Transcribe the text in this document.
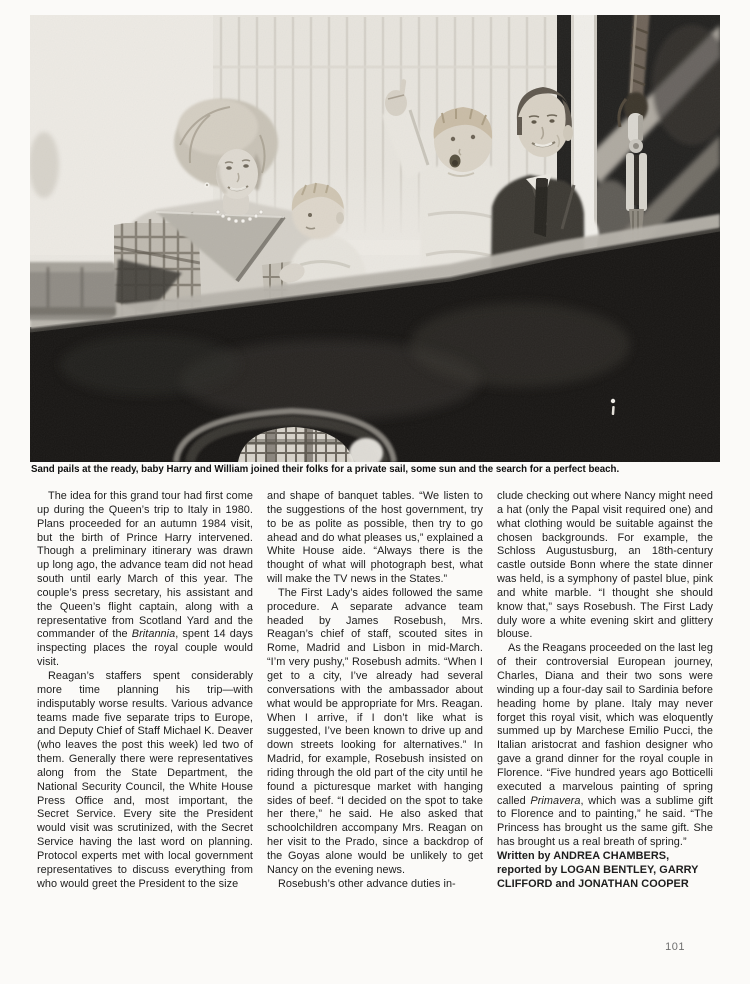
Sand pails at the ready, baby Harry and William joined their folks for a private sail, some sun and the search for a perfect beach.

The idea for this grand tour had first come up during the Queen’s trip to Italy in 1980. Plans proceeded for an autumn 1984 visit, but the birth of Prince Harry intervened. Though a preliminary itinerary was drawn up long ago, the advance team did not head south until early March of this year. The couple’s press secretary, his assistant and the Queen’s flight captain, along with a representative from Scotland Yard and the commander of the Britannia, spent 14 days inspecting places the royal couple would visit.

Reagan’s staffers spent considerably more time planning his trip—with indisputably worse results. Various advance teams made five separate trips to Europe, and Deputy Chief of Staff Michael K. Deaver (who leaves the post this week) led two of them. Generally there were representatives along from the State Department, the National Security Council, the White House Press Office and, most important, the Secret Service. Every site the President would visit was scrutinized, with the Secret Service having the last word on planning. Protocol experts met with local government representatives to discuss everything from who would greet the President to the size

and shape of banquet tables. “We listen to the suggestions of the host government, try to be as polite as possible, then try to go ahead and do what pleases us,” explained a White House aide. “Always there is the thought of what will photograph best, what will make the TV news in the States.”

The First Lady’s aides followed the same procedure. A separate advance team headed by James Rosebush, Mrs. Reagan’s chief of staff, scouted sites in Rome, Madrid and Lisbon in mid-March. “I’m very pushy,” Rosebush admits. “When I get to a city, I’ve already had several conversations with the ambassador about what would be appropriate for Mrs. Reagan. When I arrive, if I don’t like what is suggested, I’ve been known to drive up and down streets looking for alternatives.” In Madrid, for example, Rosebush insisted on riding through the old part of the city until he found a picturesque market with hanging sides of beef. “I decided on the spot to take her there,” he said. He also asked that schoolchildren accompany Mrs. Reagan on her visit to the Prado, since a backdrop of the Goyas alone would be unlikely to get Nancy on the evening news.

Rosebush’s other advance duties in-

clude checking out where Nancy might need a hat (only the Papal visit required one) and what clothing would be suitable against the chosen backgrounds. For example, the Schloss Augustusburg, an 18th-century castle outside Bonn where the state dinner was held, is a symphony of pastel blue, pink and white marble. “I thought she should know that,” says Rosebush. The First Lady duly wore a white evening skirt and glittery blouse.

As the Reagans proceeded on the last leg of their controversial European journey, Charles, Diana and their two sons were winding up a four-day sail to Sardinia before heading home by plane. Italy may never forget this royal visit, which was eloquently summed up by Marchese Emilio Pucci, the Italian aristocrat and fashion designer who gave a grand dinner for the royal couple in Florence. “Five hundred years ago Botticelli executed a marvelous painting of spring called Primavera, which was a sublime gift to Florence and to painting,” he said. “The Princess has brought us the same gift. She has brought us a real breath of spring.”

Written by ANDREA CHAMBERS, reported by LOGAN BENTLEY, GARRY CLIFFORD and JONATHAN COOPER

101
